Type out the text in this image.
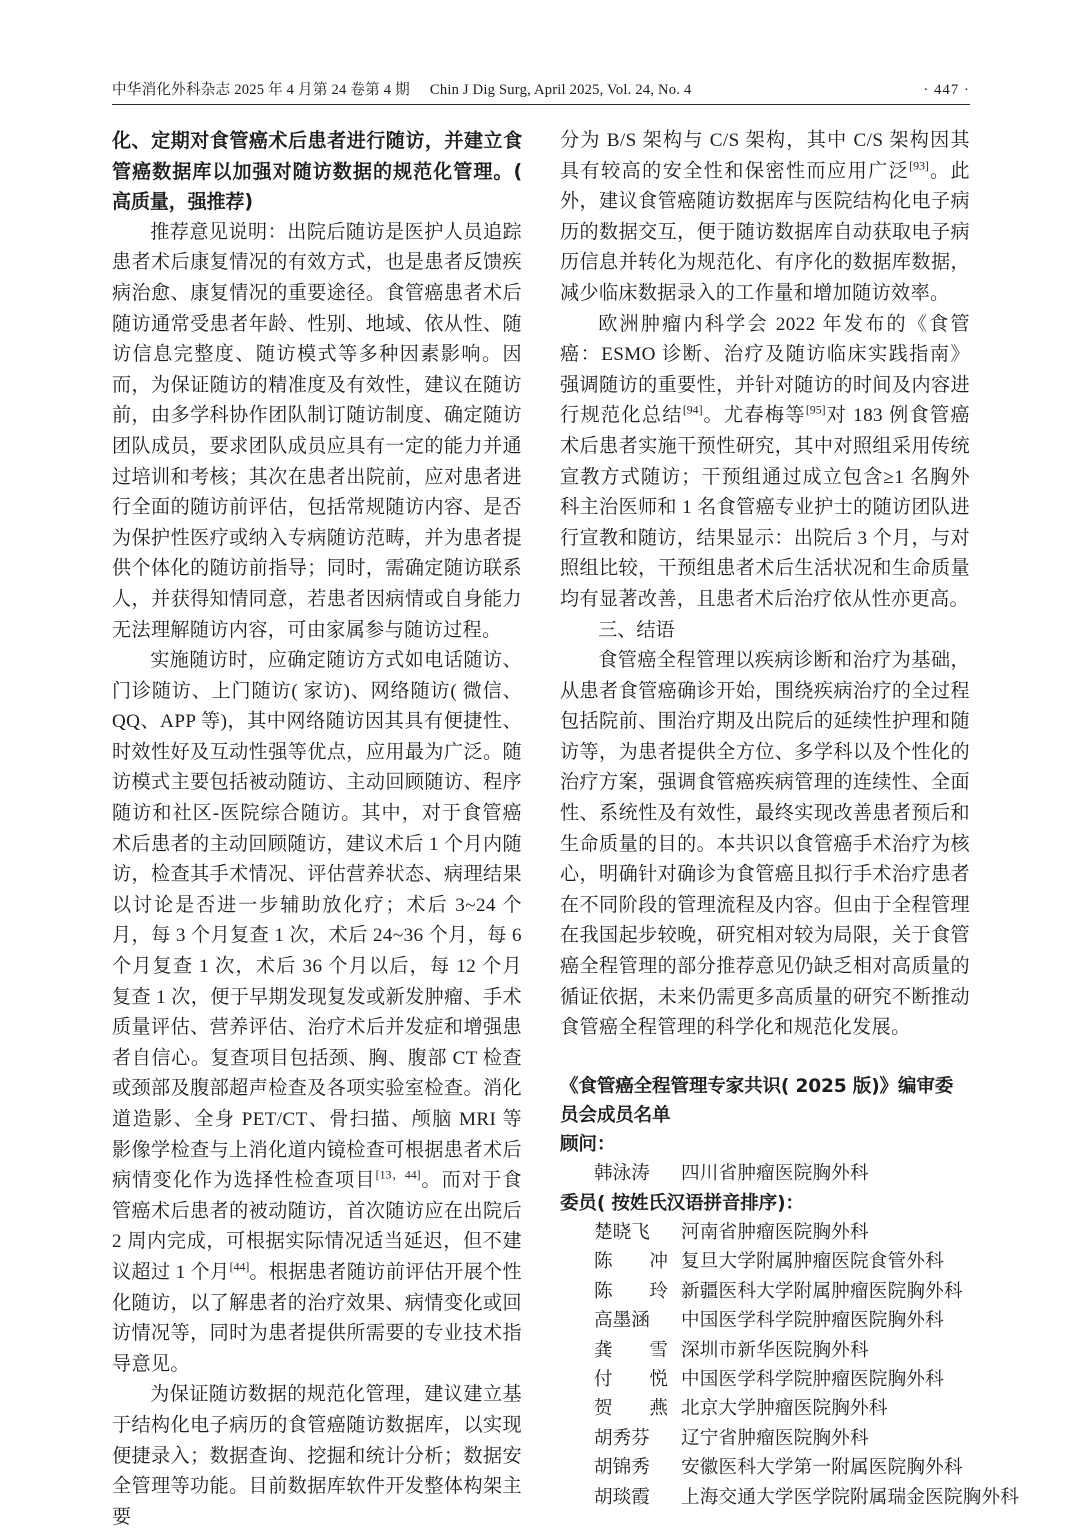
中华消化外科杂志 2025 年 4 月第 24 卷第 4 期 Chin J Dig Surg, April 2025, Vol. 24, No. 4	· 447 ·

化、定期对食管癌术后患者进行随访，并建立食管癌数据库以加强对随访数据的规范化管理。( 高质量，强推荐)

推荐意见说明：出院后随访是医护人员追踪患者术后康复情况的有效方式，也是患者反馈疾病治愈、康复情况的重要途径。食管癌患者术后随访通常受患者年龄、性别、地域、依从性、随访信息完整度、随访模式等多种因素影响。因而，为保证随访的精准度及有效性，建议在随访前，由多学科协作团队制订随访制度、确定随访团队成员，要求团队成员应具有一定的能力并通过培训和考核；其次在患者出院前，应对患者进行全面的随访前评估，包括常规随访内容、是否为保护性医疗或纳入专病随访范畴，并为患者提供个体化的随访前指导；同时，需确定随访联系人，并获得知情同意，若患者因病情或自身能力无法理解随访内容，可由家属参与随访过程。

实施随访时，应确定随访方式如电话随访、门诊随访、上门随访( 家访)、网络随访( 微信、QQ、APP 等)，其中网络随访因其具有便捷性、时效性好及互动性强等优点，应用最为广泛。随访模式主要包括被动随访、主动回顾随访、程序随访和社区-医院综合随访。其中，对于食管癌术后患者的主动回顾随访，建议术后 1 个月内随访，检查其手术情况、评估营养状态、病理结果以讨论是否进一步辅助放化疗；术后 3~24 个月，每 3 个月复查 1 次，术后 24~36 个月，每 6 个月复查 1 次，术后 36 个月以后，每 12 个月复查 1 次，便于早期发现复发或新发肿瘤、手术质量评估、营养评估、治疗术后并发症和增强患者自信心。复查项目包括颈、胸、腹部 CT 检查或颈部及腹部超声检查及各项实验室检查。消化道造影、全身 PET/CT、骨扫描、颅脑 MRI 等影像学检查与上消化道内镜检查可根据患者术后病情变化作为选择性检查项目[13，44]。而对于食管癌术后患者的被动随访，首次随访应在出院后 2 周内完成，可根据实际情况适当延迟，但不建议超过 1 个月[44]。根据患者随访前评估开展个性化随访，以了解患者的治疗效果、病情变化或回访情况等，同时为患者提供所需要的专业技术指导意见。

为保证随访数据的规范化管理，建议建立基于结构化电子病历的食管癌随访数据库，以实现便捷录入；数据查询、挖掘和统计分析；数据安全管理等功能。目前数据库软件开发整体构架主要

分为 B/S 架构与 C/S 架构，其中 C/S 架构因其具有较高的安全性和保密性而应用广泛[93]。此外，建议食管癌随访数据库与医院结构化电子病历的数据交互，便于随访数据库自动获取电子病历信息并转化为规范化、有序化的数据库数据，减少临床数据录入的工作量和增加随访效率。

欧洲肿瘤内科学会 2022 年发布的《食管癌：ESMO 诊断、治疗及随访临床实践指南》强调随访的重要性，并针对随访的时间及内容进行规范化总结[94]。尤春梅等[95]对 183 例食管癌术后患者实施干预性研究，其中对照组采用传统宣教方式随访；干预组通过成立包含≥1 名胸外科主治医师和 1 名食管癌专业护士的随访团队进行宣教和随访，结果显示：出院后 3 个月，与对照组比较，干预组患者术后生活状况和生命质量均有显著改善，且患者术后治疗依从性亦更高。

三、结语

食管癌全程管理以疾病诊断和治疗为基础，从患者食管癌确诊开始，围绕疾病治疗的全过程包括院前、围治疗期及出院后的延续性护理和随访等，为患者提供全方位、多学科以及个性化的治疗方案，强调食管癌疾病管理的连续性、全面性、系统性及有效性，最终实现改善患者预后和生命质量的目的。本共识以食管癌手术治疗为核心，明确针对确诊为食管癌且拟行手术治疗患者在不同阶段的管理流程及内容。但由于全程管理在我国起步较晚，研究相对较为局限，关于食管癌全程管理的部分推荐意见仍缺乏相对高质量的循证依据，未来仍需更多高质量的研究不断推动食管癌全程管理的科学化和规范化发展。

《食管癌全程管理专家共识( 2025 版)》编审委员会成员名单
顾问：
韩泳涛	四川省肿瘤医院胸外科
委员( 按姓氏汉语拼音排序)：
楚晓飞	河南省肿瘤医院胸外科
陈 冲 复旦大学附属肿瘤医院食管外科
陈 玲 新疆医科大学附属肿瘤医院胸外科
高墨涵	中国医学科学院肿瘤医院胸外科
龚 雪 深圳市新华医院胸外科
付 悦 中国医学科学院肿瘤医院胸外科
贺 燕 北京大学肿瘤医院胸外科
胡秀芬	辽宁省肿瘤医院胸外科
胡锦秀	安徽医科大学第一附属医院胸外科
胡琰霞	上海交通大学医学院附属瑞金医院胸外科
